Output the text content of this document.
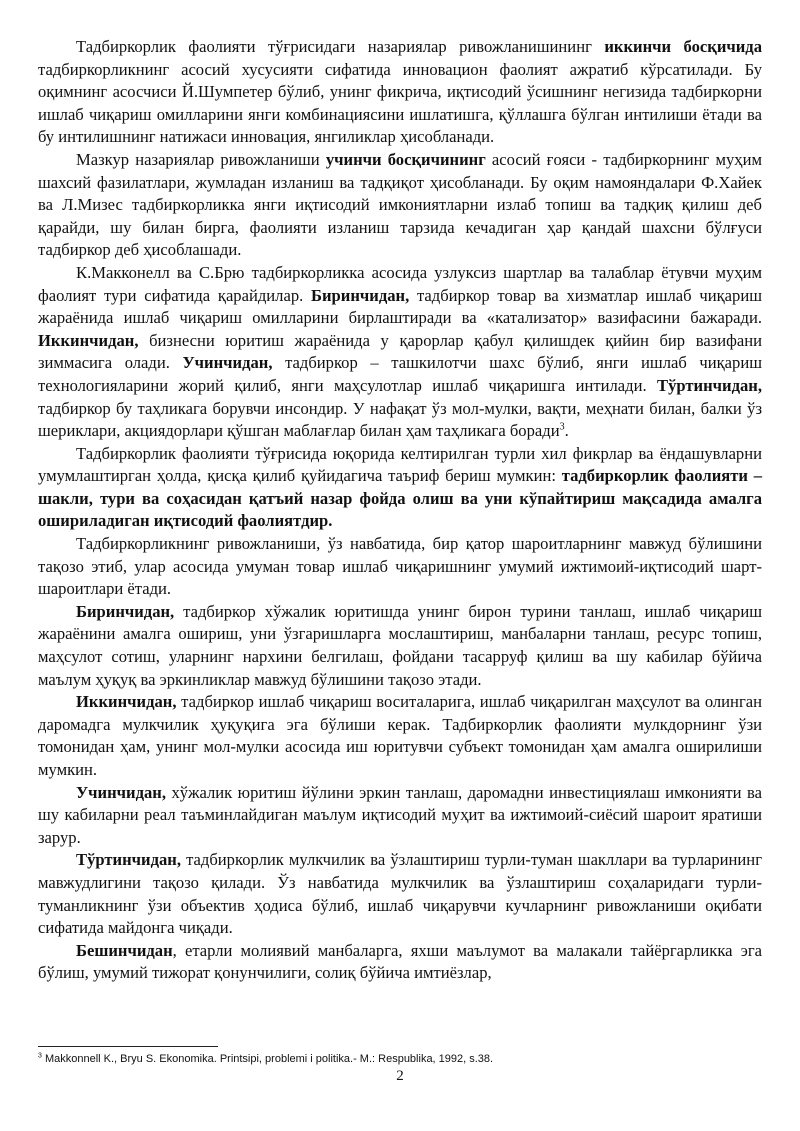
Тадбиркорлик фаолияти тўғрисидаги назариялар ривожланишининг иккинчи босқичида тадбиркорликнинг асосий хусусияти сифатида инновацион фаолият ажратиб кўрсатилади. Бу оқимнинг асосчиси Й.Шумпетер бўлиб, унинг фикрича, иқтисодий ўсишнинг негизида тадбиркорни ишлаб чиқариш омилларини янги комбинациясини ишлатишга, қўллашга бўлган интилиши ётади ва бу интилишнинг натижаси инновация, янгиликлар ҳисобланади.

Мазкур назариялар ривожланиши учинчи босқичининг асосий ғояси - тадбиркорнинг муҳим шахсий фазилатлари, жумладан изланиш ва тадқиқот ҳисобланади. Бу оқим намояндалари Ф.Хайек ва Л.Мизес тадбиркорликка янги иқтисодий имкониятларни излаб топиш ва тадқиқ қилиш деб қарайди, шу билан бирга, фаолияти изланиш тарзида кечадиган ҳар қандай шахсни бўлғуси тадбиркор деб ҳисоблашади.

К.Макконелл ва С.Брю тадбиркорликка асосида узлуксиз шартлар ва талаблар ётувчи муҳим фаолият тури сифатида қарайдилар. Биринчидан, тадбиркор товар ва хизматлар ишлаб чиқариш жараёнида ишлаб чиқариш омилларини бирлаштиради ва «катализатор» вазифасини бажаради. Иккинчидан, бизнесни юритиш жараёнида у қарорлар қабул қилишдек қийин бир вазифани зиммасига олади. Учинчидан, тадбиркор – ташкилотчи шахс бўлиб, янги ишлаб чиқариш технологияларини жорий қилиб, янги маҳсулотлар ишлаб чиқаришга интилади. Тўртинчидан, тадбиркор бу таҳликага борувчи инсондир. У нафақат ўз мол-мулки, вақти, меҳнати билан, балки ўз шериклари, акциядорлари қўшган маблағлар билан ҳам таҳликага боради$^3$.

Тадбиркорлик фаолияти тўғрисида юқорида келтирилган турли хил фикрлар ва ёндашувларни умумлаштирган ҳолда, қисқа қилиб қуйидагича таъриф бериш мумкин: тадбиркорлик фаолияти – шакли, тури ва соҳасидан қатъий назар фойда олиш ва уни кўпайтириш мақсадида амалга ошириладиган иқтисодий фаолиятдир.

Тадбиркорликнинг ривожланиши, ўз навбатида, бир қатор шароитларнинг мавжуд бўлишини тақозо этиб, улар асосида умуман товар ишлаб чиқаришнинг умумий ижтимоий-иқтисодий шарт-шароитлари ётади.

Биринчидан, тадбиркор хўжалик юритишда унинг бирон турини танлаш, ишлаб чиқариш жараёнини амалга ошириш, уни ўзгаришларга мослаштириш, манбаларни танлаш, ресурс топиш, маҳсулот сотиш, уларнинг нархини белгилаш, фойдани тасарруф қилиш ва шу кабилар бўйича маълум ҳуқуқ ва эркинликлар мавжуд бўлишини тақозо этади.

Иккинчидан, тадбиркор ишлаб чиқариш воситаларига, ишлаб чиқарилган маҳсулот ва олинган даромадга мулкчилик ҳуқуқига эга бўлиши керак. Тадбиркорлик фаолияти мулкдорнинг ўзи томонидан ҳам, унинг мол-мулки асосида иш юритувчи субъект томонидан ҳам амалга оширилиши мумкин.

Учинчидан, хўжалик юритиш йўлини эркин танлаш, даромадни инвестициялаш имконияти ва шу кабиларни реал таъминлайдиган маълум иқтисодий муҳит ва ижтимоий-сиёсий шароит яратиши зарур.

Тўртинчидан, тадбиркорлик мулкчилик ва ўзлаштириш турли-туман шакллари ва турларининг мавжудлигини тақозо қилади. Ўз навбатида мулкчилик ва ўзлаштириш соҳаларидаги турли-туманликнинг ўзи объектив ҳодиса бўлиб, ишлаб чиқарувчи кучларнинг ривожланиши оқибати сифатида майдонга чиқади.

Бешинчидан, етарли молиявий манбаларга, яхши маълумот ва малакали тайёргарликка эга бўлиш, умумий тижорат қонунчилиги, солиқ бўйича имтиёзлар,

$^3$ Makkonnell K., Bryu S. Ekonomika. Printsipi, problemi i politika.- M.: Respublika, 1992, s.38.
2
